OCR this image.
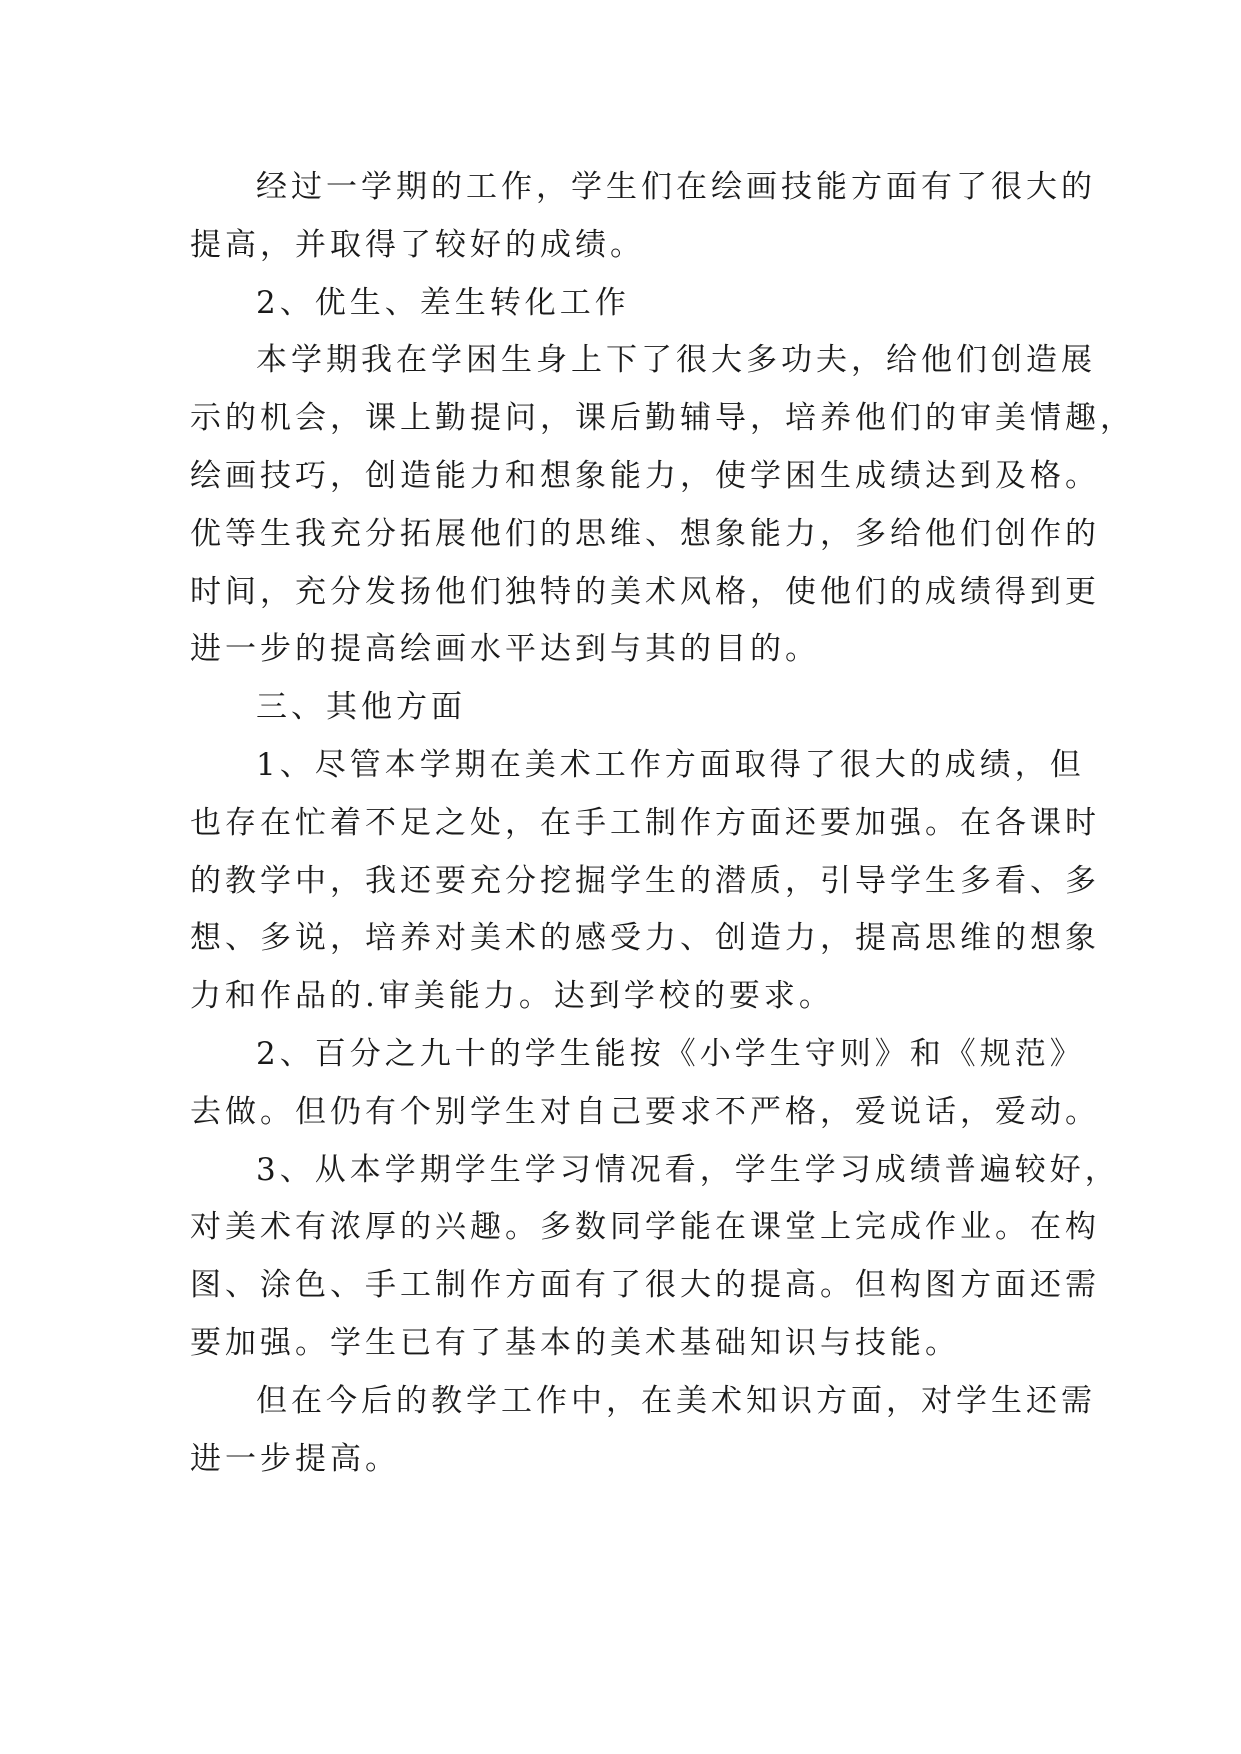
经过一学期的工作，学生们在绘画技能方面有了很大的
提高，并取得了较好的成绩。
2、优生、差生转化工作
本学期我在学困生身上下了很大多功夫，给他们创造展
示的机会，课上勤提问，课后勤辅导，培养他们的审美情趣，
绘画技巧，创造能力和想象能力，使学困生成绩达到及格。
优等生我充分拓展他们的思维、想象能力，多给他们创作的
时间，充分发扬他们独特的美术风格，使他们的成绩得到更
进一步的提高绘画水平达到与其的目的。
三、其他方面
1、尽管本学期在美术工作方面取得了很大的成绩，但
也存在忙着不足之处，在手工制作方面还要加强。在各课时
的教学中，我还要充分挖掘学生的潜质，引导学生多看、多
想、多说，培养对美术的感受力、创造力，提高思维的想象
力和作品的.审美能力。达到学校的要求。
2、百分之九十的学生能按《小学生守则》和《规范》
去做。但仍有个别学生对自己要求不严格，爱说话，爱动。
3、从本学期学生学习情况看，学生学习成绩普遍较好，
对美术有浓厚的兴趣。多数同学能在课堂上完成作业。在构
图、涂色、手工制作方面有了很大的提高。但构图方面还需
要加强。学生已有了基本的美术基础知识与技能。
但在今后的教学工作中，在美术知识方面，对学生还需
进一步提高。
